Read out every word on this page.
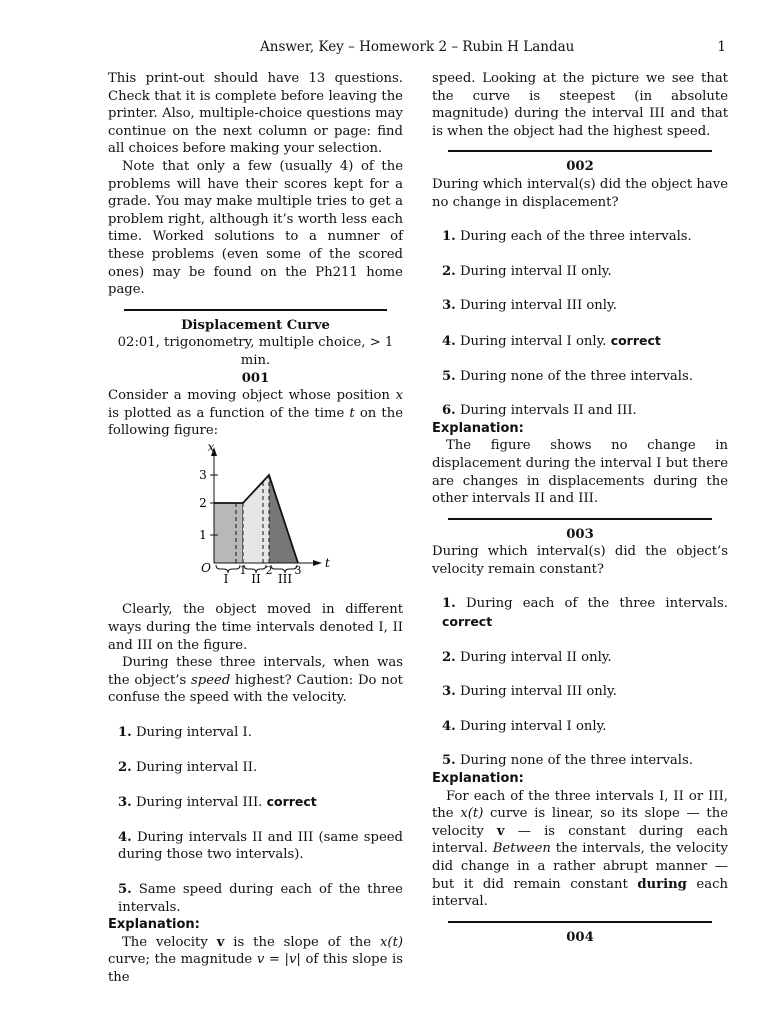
Answer, Key – Homework 2 – Rubin H Landau	1

This print-out should have 13 questions. Check that it is complete before leaving the printer. Also, multiple-choice questions may continue on the next column or page: find all choices before making your selection.

Note that only a few (usually 4) of the problems will have their scores kept for a grade. You may make multiple tries to get a problem right, although it’s worth less each time. Worked solutions to a numner of these problems (even some of the scored ones) may be found on the Ph211 home page.

Displacement Curve
02:01, trigonometry, multiple choice, > 1 min.
001

Consider a moving object whose position x is plotted as a function of the time t on the following figure:

1
2
3
x
t
O	1 2 3
I II III

Clearly, the object moved in different ways during the time intervals denoted I, II and III on the figure.

During these three intervals, when was the object’s speed highest? Caution: Do not confuse the speed with the velocity.

1. During interval I.

2. During interval II.

3. During interval III. correct

4. During intervals II and III (same speed during those two intervals).

5. Same speed during each of the three intervals.

Explanation:

The velocity v is the slope of the x(t) curve; the magnitude v = |v| of this slope is the

speed. Looking at the picture we see that the curve is steepest (in absolute magnitude) during the interval III and that is when the object had the highest speed.

002

During which interval(s) did the object have no change in displacement?

1. During each of the three intervals.

2. During interval II only.

3. During interval III only.

4. During interval I only. correct

5. During none of the three intervals.

6. During intervals II and III.

Explanation:

The figure shows no change in displacement during the interval I but there are changes in displacements during the other intervals II and III.

003

During which interval(s) did the object’s velocity remain constant?

1. During each of the three intervals. correct

2. During interval II only.

3. During interval III only.

4. During interval I only.

5. During none of the three intervals.

Explanation:

For each of the three intervals I, II or III, the x(t) curve is linear, so its slope — the velocity v — is constant during each interval. Between the intervals, the velocity did change in a rather abrupt manner — but it did remain constant during each interval.

004
